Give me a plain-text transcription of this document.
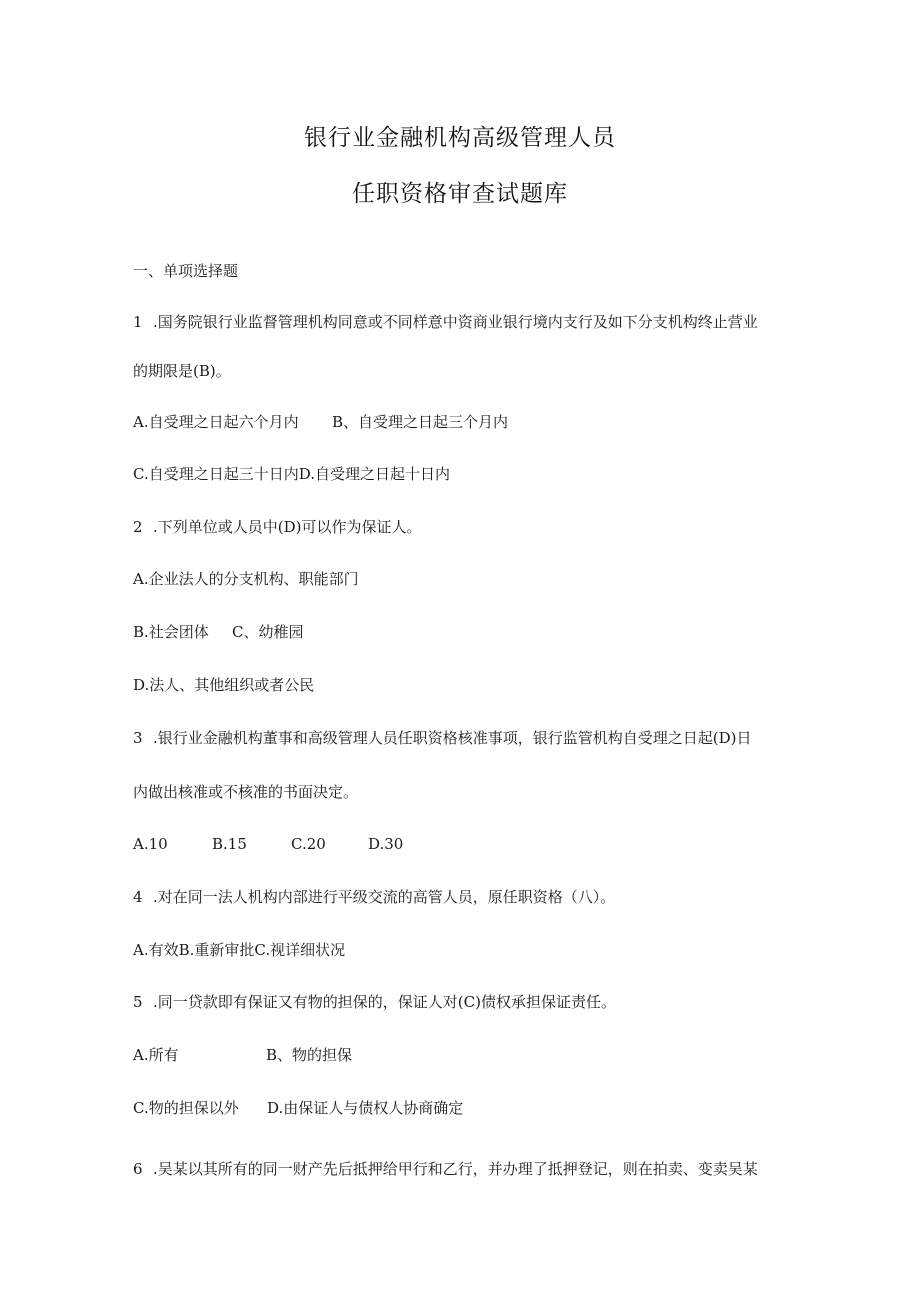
银行业金融机构高级管理人员
任职资格审查试题库
一、单项选择题
1 .国务院银行业监督管理机构同意或不同样意中资商业银行境内支行及如下分支机构终止营业
的期限是(B)。
A.自受理之日起六个月内 B、自受理之日起三个月内
C.自受理之日起三十日内D.自受理之日起十日内
2 .下列单位或人员中(D)可以作为保证人。
A.企业法人的分支机构、职能部门
B.社会团体 C、幼稚园
D.法人、其他组织或者公民
3 .银行业金融机构董事和高级管理人员任职资格核准事项，银行监管机构自受理之日起(D)日
内做出核准或不核准的书面决定。
A.10	B.15	C.20	D.30
4 .对在同一法人机构内部进行平级交流的高管人员，原任职资格（八）。
A.有效B.重新审批C.视详细状况
5 .同一贷款即有保证又有物的担保的，保证人对(C)债权承担保证责任。
A.所有	B、物的担保
C.物的担保以外 D.由保证人与债权人协商确定
6 .吴某以其所有的同一财产先后抵押给甲行和乙行，并办理了抵押登记，则在拍卖、变卖吴某
